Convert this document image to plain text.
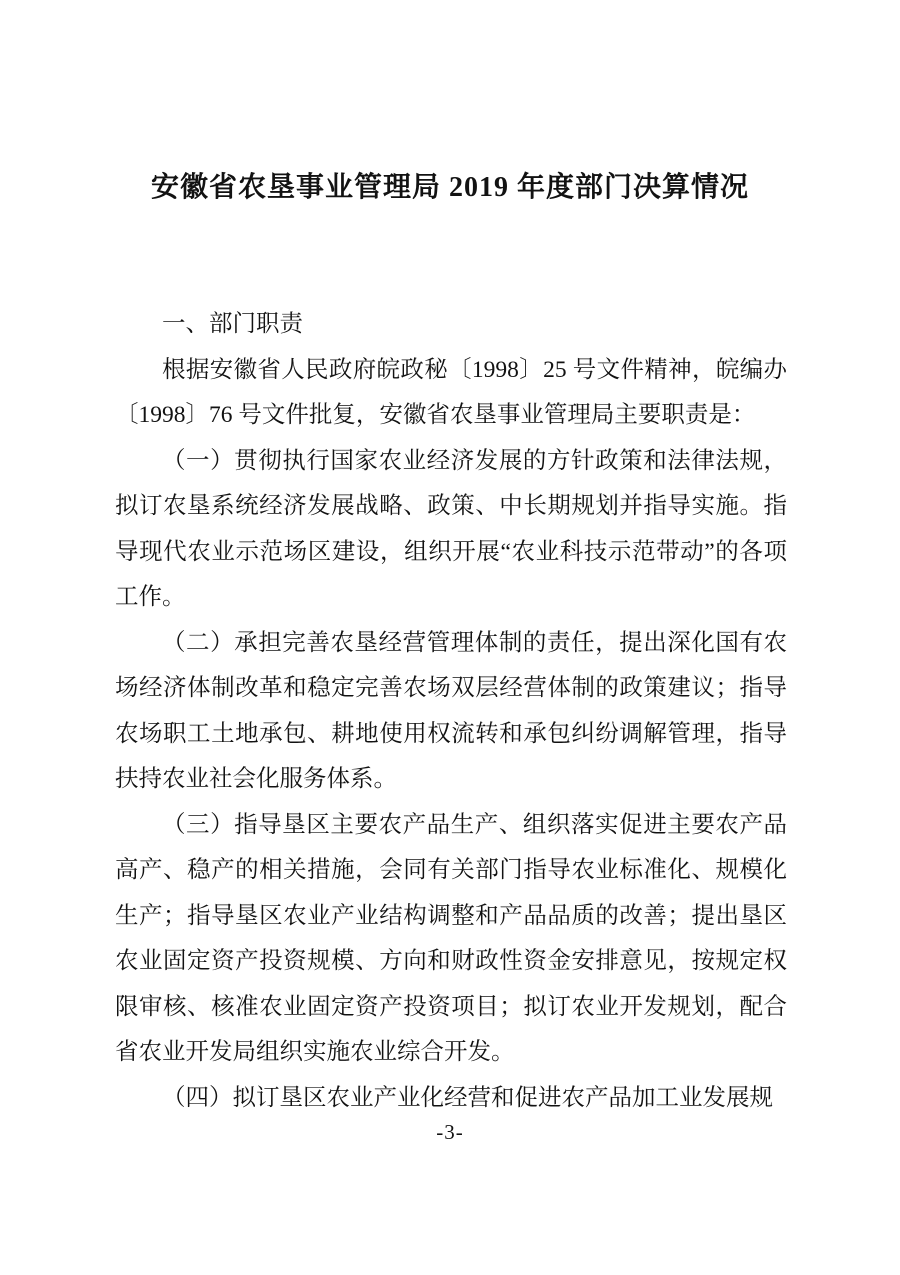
安徽省农垦事业管理局 2019 年度部门决算情况

一、部门职责

根据安徽省人民政府皖政秘〔1998〕25 号文件精神，皖编办〔1998〕76 号文件批复，安徽省农垦事业管理局主要职责是：

（一）贯彻执行国家农业经济发展的方针政策和法律法规，拟订农垦系统经济发展战略、政策、中长期规划并指导实施。指导现代农业示范场区建设，组织开展“农业科技示范带动”的各项工作。

（二）承担完善农垦经营管理体制的责任，提出深化国有农场经济体制改革和稳定完善农场双层经营体制的政策建议；指导农场职工土地承包、耕地使用权流转和承包纠纷调解管理，指导扶持农业社会化服务体系。

（三）指导垦区主要农产品生产、组织落实促进主要农产品高产、稳产的相关措施，会同有关部门指导农业标准化、规模化生产；指导垦区农业产业结构调整和产品品质的改善；提出垦区农业固定资产投资规模、方向和财政性资金安排意见，按规定权限审核、核准农业固定资产投资项目；拟订农业开发规划，配合省农业开发局组织实施农业综合开发。

（四）拟订垦区农业产业化经营和促进农产品加工业发展规

-3-
